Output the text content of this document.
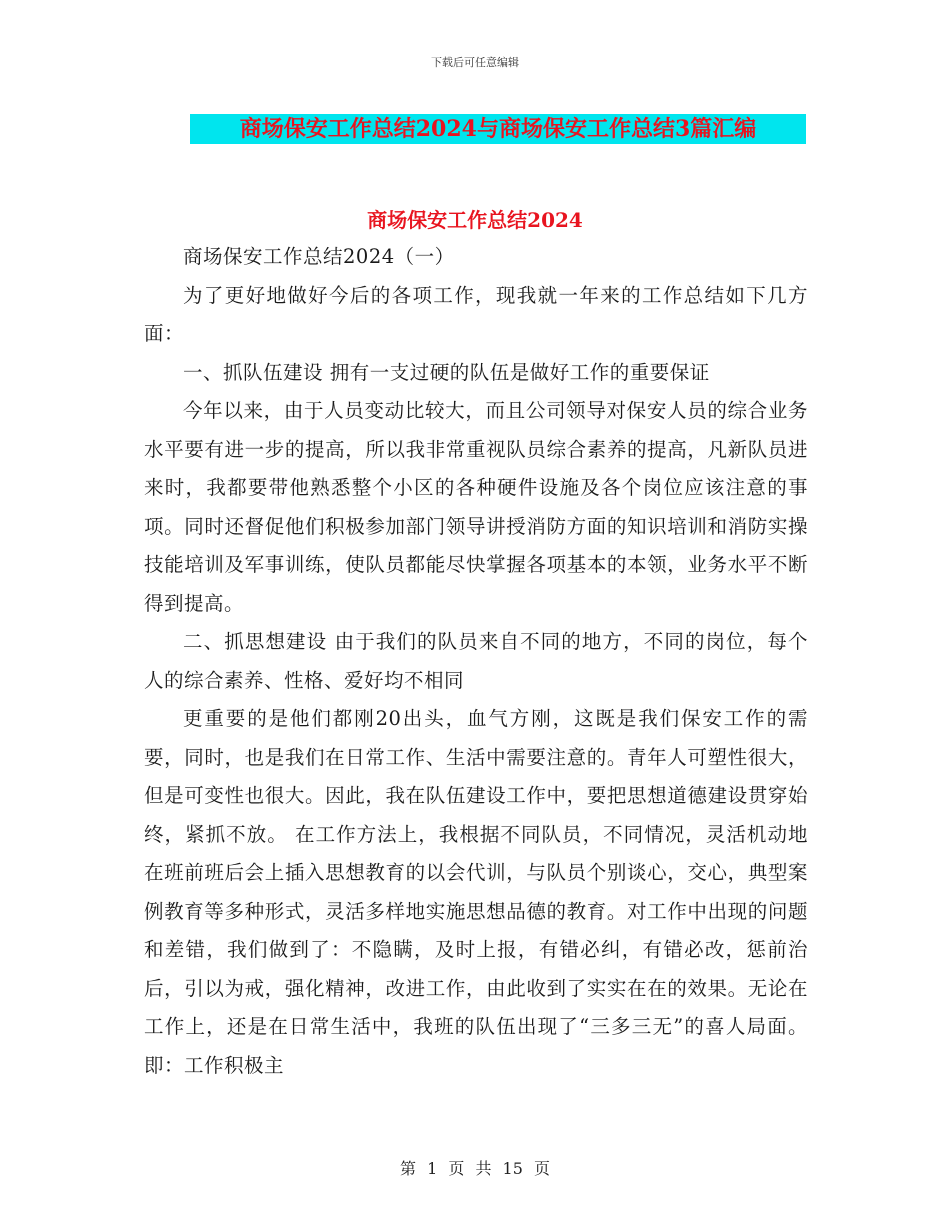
下载后可任意编辑
商场保安工作总结2024与商场保安工作总结3篇汇编
商场保安工作总结2024

商场保安工作总结2024（一）

为了更好地做好今后的各项工作，现我就一年来的工作总结如下几方面：

一、抓队伍建设 拥有一支过硬的队伍是做好工作的重要保证

今年以来，由于人员变动比较大，而且公司领导对保安人员的综合业务水平要有进一步的提高，所以我非常重视队员综合素养的提高，凡新队员进来时，我都要带他熟悉整个小区的各种硬件设施及各个岗位应该注意的事项。同时还督促他们积极参加部门领导讲授消防方面的知识培训和消防实操技能培训及军事训练，使队员都能尽快掌握各项基本的本领，业务水平不断得到提高。

二、抓思想建设 由于我们的队员来自不同的地方，不同的岗位，每个人的综合素养、性格、爱好均不相同

更重要的是他们都刚20出头，血气方刚，这既是我们保安工作的需要，同时，也是我们在日常工作、生活中需要注意的。青年人可塑性很大，但是可变性也很大。因此，我在队伍建设工作中，要把思想道德建设贯穿始终，紧抓不放。 在工作方法上，我根据不同队员，不同情况，灵活机动地在班前班后会上插入思想教育的以会代训，与队员个别谈心，交心，典型案例教育等多种形式，灵活多样地实施思想品德的教育。对工作中出现的问题和差错，我们做到了：不隐瞒，及时上报，有错必纠，有错必改，惩前治后，引以为戒，强化精神，改进工作，由此收到了实实在在的效果。无论在工作上，还是在日常生活中，我班的队伍出现了“三多三无”的喜人局面。即：工作积极主

第 1 页 共 15 页
